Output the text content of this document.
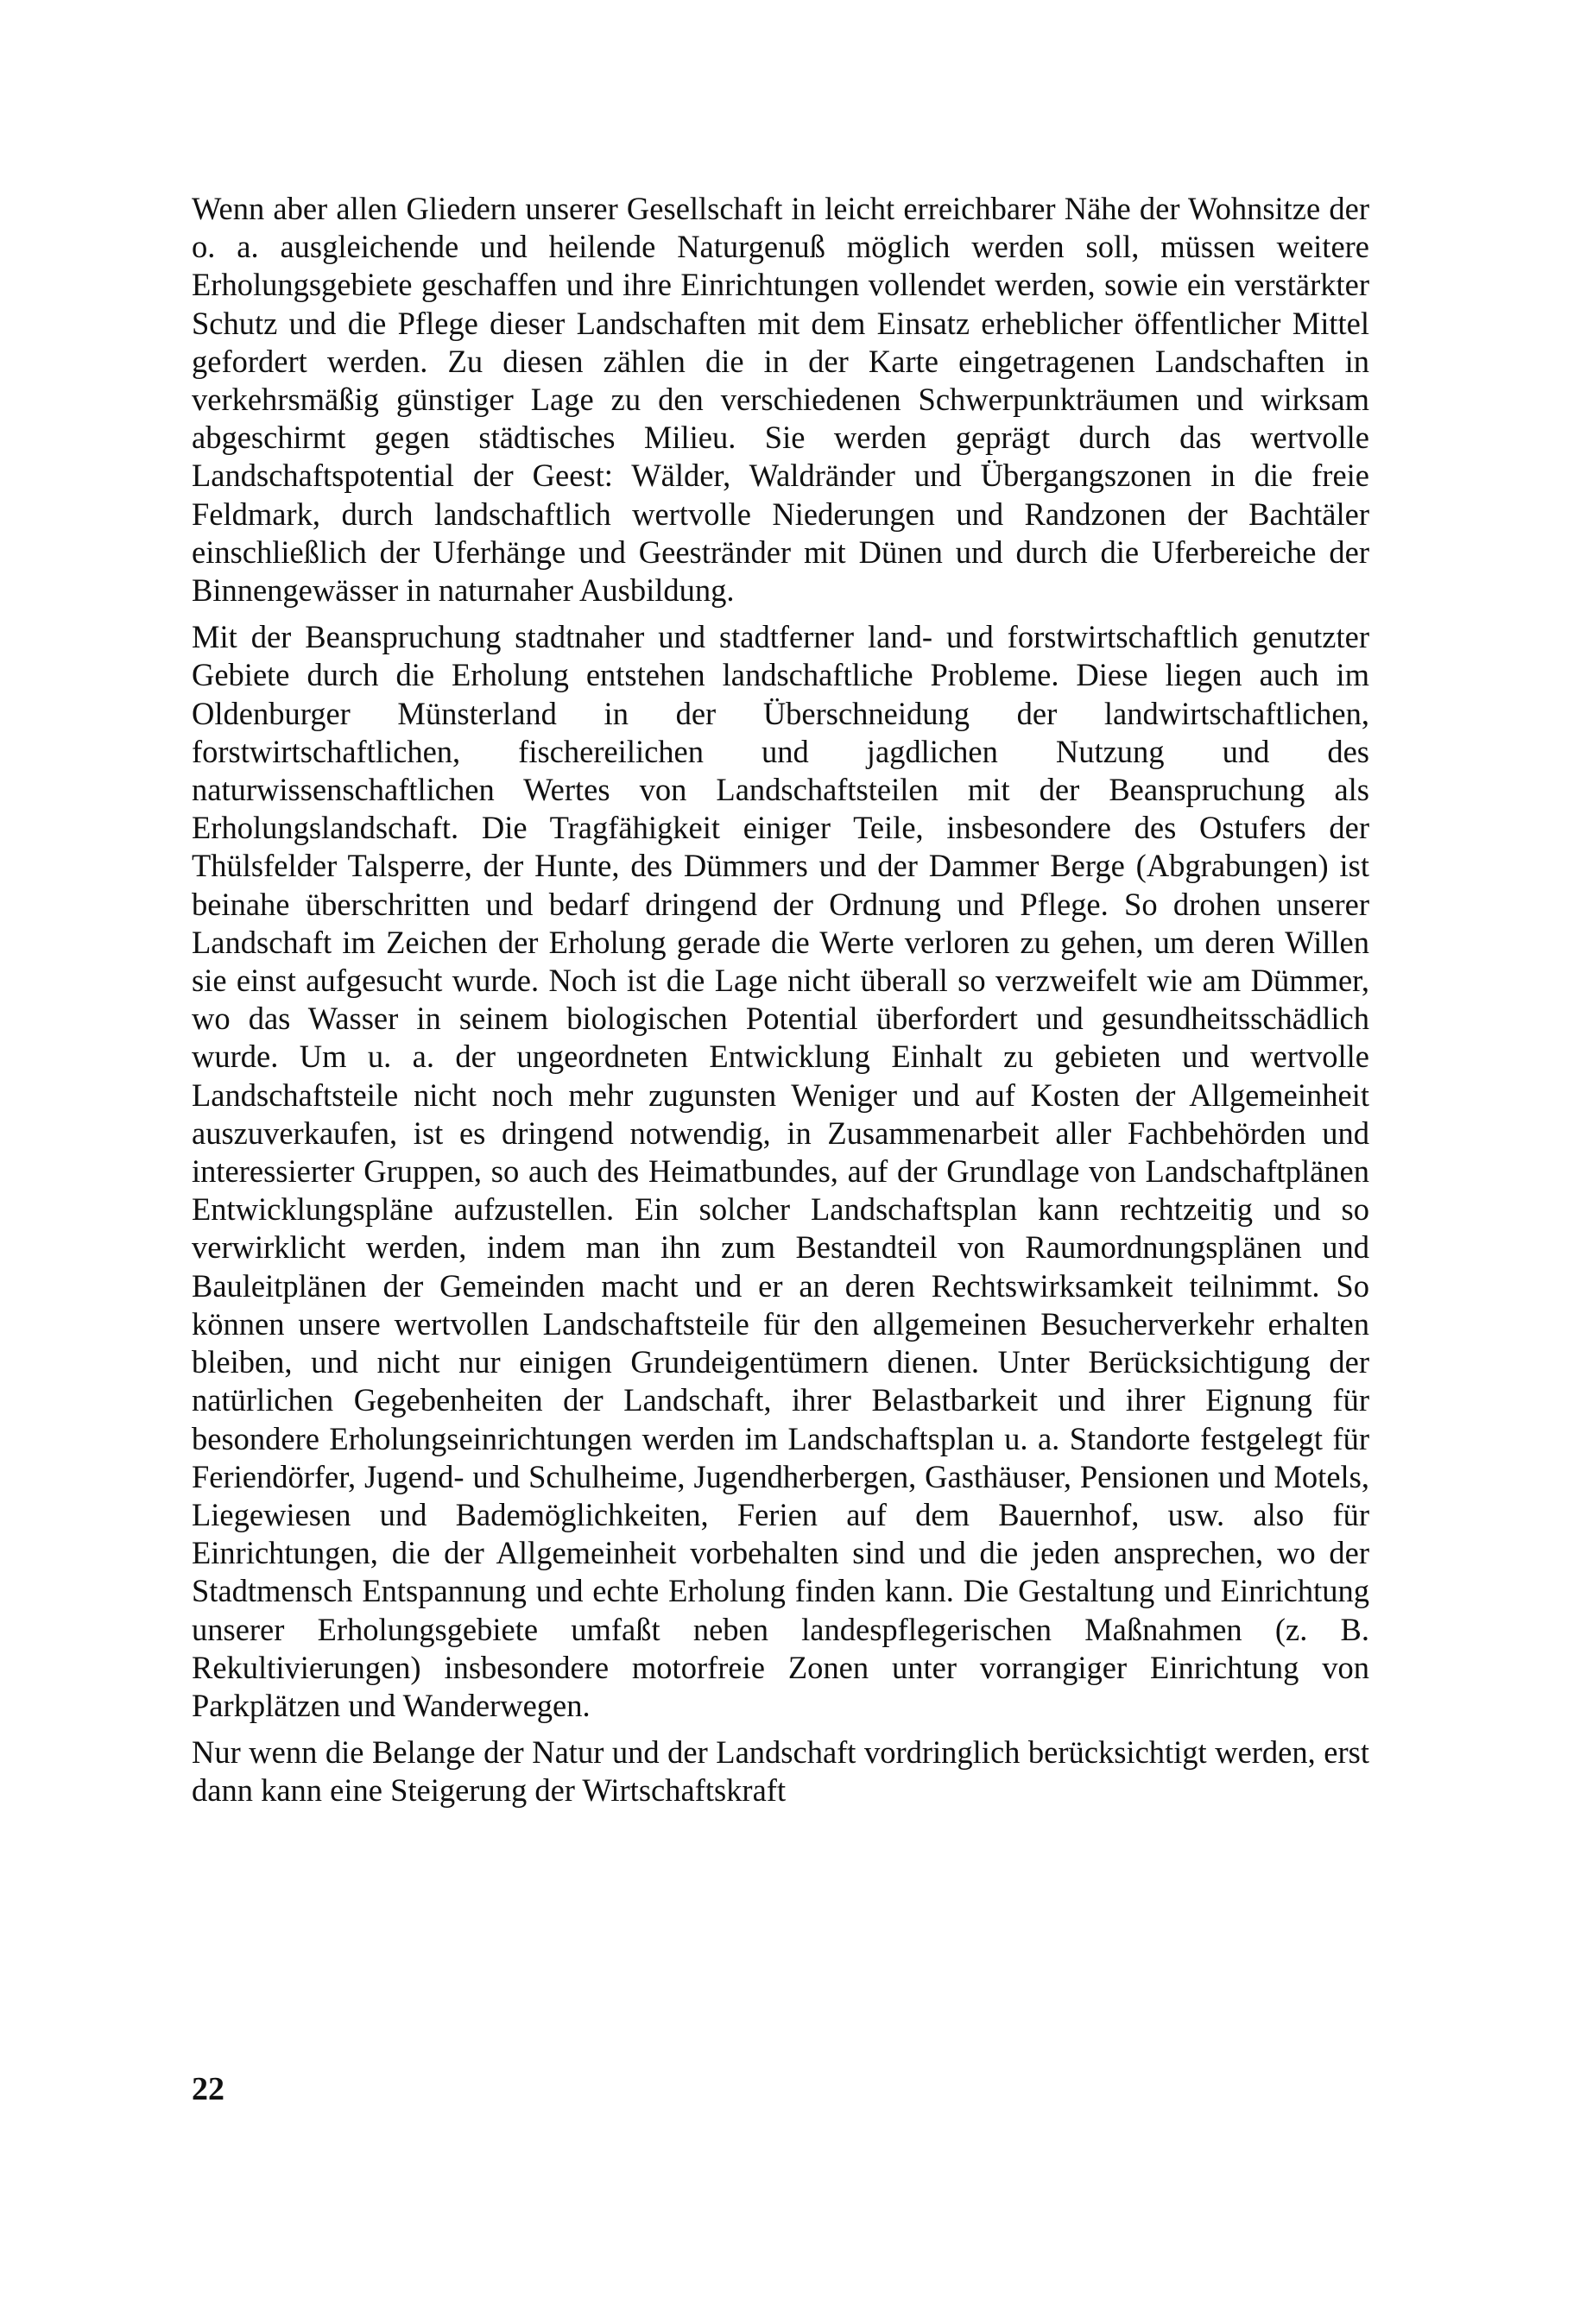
Wenn aber allen Gliedern unserer Gesellschaft in leicht erreichbarer Nähe der Wohnsitze der o. a. ausgleichende und heilende Naturgenuß möglich werden soll, müssen weitere Erholungsgebiete geschaffen und ihre Einrichtungen vollendet werden, sowie ein verstärkter Schutz und die Pflege dieser Landschaften mit dem Einsatz erheblicher öffentlicher Mittel gefordert werden. Zu diesen zählen die in der Karte eingetragenen Landschaften in verkehrsmäßig günstiger Lage zu den verschiedenen Schwerpunkträumen und wirksam abgeschirmt gegen städtisches Milieu. Sie werden geprägt durch das wertvolle Landschaftspotential der Geest: Wälder, Waldränder und Übergangszonen in die freie Feldmark, durch landschaftlich wertvolle Niederungen und Randzonen der Bachtäler einschließlich der Uferhänge und Geestränder mit Dünen und durch die Uferbereiche der Binnengewässer in naturnaher Ausbildung.

Mit der Beanspruchung stadtnaher und stadtferner land- und forstwirtschaftlich genutzter Gebiete durch die Erholung entstehen landschaftliche Probleme. Diese liegen auch im Oldenburger Münsterland in der Überschneidung der landwirtschaftlichen, forstwirtschaftlichen, fischereilichen und jagdlichen Nutzung und des naturwissenschaftlichen Wertes von Landschaftsteilen mit der Beanspruchung als Erholungslandschaft. Die Tragfähigkeit einiger Teile, insbesondere des Ostufers der Thülsfelder Talsperre, der Hunte, des Dümmers und der Dammer Berge (Abgrabungen) ist beinahe überschritten und bedarf dringend der Ordnung und Pflege. So drohen unserer Landschaft im Zeichen der Erholung gerade die Werte verloren zu gehen, um deren Willen sie einst aufgesucht wurde. Noch ist die Lage nicht überall so verzweifelt wie am Dümmer, wo das Wasser in seinem biologischen Potential überfordert und gesundheitsschädlich wurde. Um u. a. der ungeordneten Entwicklung Einhalt zu gebieten und wertvolle Landschaftsteile nicht noch mehr zugunsten Weniger und auf Kosten der Allgemeinheit auszuverkaufen, ist es dringend notwendig, in Zusammenarbeit aller Fachbehörden und interessierter Gruppen, so auch des Heimatbundes, auf der Grundlage von Landschaftplänen Entwicklungspläne aufzustellen. Ein solcher Landschaftsplan kann rechtzeitig und so verwirklicht werden, indem man ihn zum Bestandteil von Raumordnungsplänen und Bauleitplänen der Gemeinden macht und er an deren Rechtswirksamkeit teilnimmt. So können unsere wertvollen Landschaftsteile für den allgemeinen Besucherverkehr erhalten bleiben, und nicht nur einigen Grundeigentümern dienen. Unter Berücksichtigung der natürlichen Gegebenheiten der Landschaft, ihrer Belastbarkeit und ihrer Eignung für besondere Erholungseinrichtungen werden im Landschaftsplan u. a. Standorte festgelegt für Feriendörfer, Jugend- und Schulheime, Jugendherbergen, Gasthäuser, Pensionen und Motels, Liegewiesen und Bademöglichkeiten, Ferien auf dem Bauernhof, usw. also für Einrichtungen, die der Allgemeinheit vorbehalten sind und die jeden ansprechen, wo der Stadtmensch Entspannung und echte Erholung finden kann. Die Gestaltung und Einrichtung unserer Erholungsgebiete umfaßt neben landespflegerischen Maßnahmen (z. B. Rekultivierungen) insbesondere motorfreie Zonen unter vorrangiger Einrichtung von Parkplätzen und Wanderwegen.

Nur wenn die Belange der Natur und der Landschaft vordringlich berücksichtigt werden, erst dann kann eine Steigerung der Wirtschaftskraft

22
